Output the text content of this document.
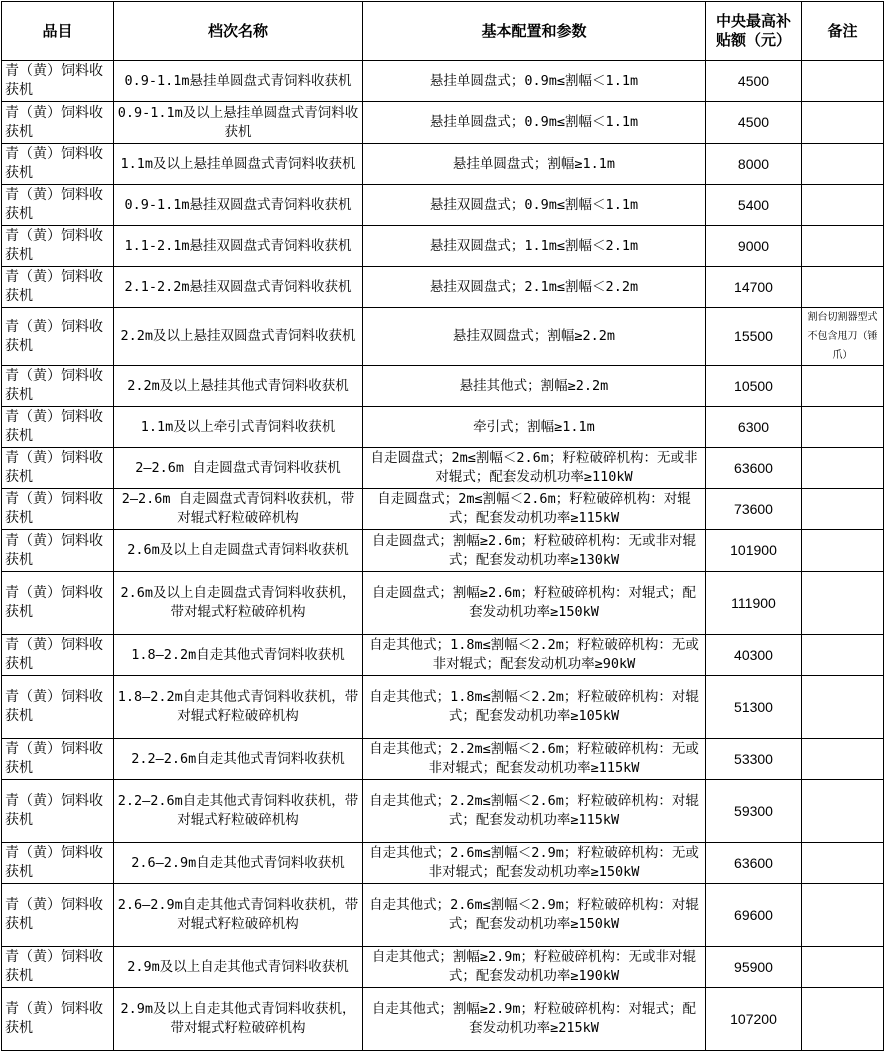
品目	档次名称	基本配置和参数	中央最高补贴额（元）	备注
青（黄）饲料收获机	0.9-1.1m悬挂单圆盘式青饲料收获机	悬挂单圆盘式；0.9m≤割幅＜1.1m	4500	
青（黄）饲料收获机	0.9-1.1m及以上悬挂单圆盘式青饲料收获机	悬挂单圆盘式；0.9m≤割幅＜1.1m	4500	
青（黄）饲料收获机	1.1m及以上悬挂单圆盘式青饲料收获机	悬挂单圆盘式；割幅≥1.1m	8000	
青（黄）饲料收获机	0.9-1.1m悬挂双圆盘式青饲料收获机	悬挂双圆盘式；0.9m≤割幅＜1.1m	5400	
青（黄）饲料收获机	1.1-2.1m悬挂双圆盘式青饲料收获机	悬挂双圆盘式；1.1m≤割幅＜2.1m	9000	
青（黄）饲料收获机	2.1-2.2m悬挂双圆盘式青饲料收获机	悬挂双圆盘式；2.1m≤割幅＜2.2m	14700	
青（黄）饲料收获机	2.2m及以上悬挂双圆盘式青饲料收获机	悬挂双圆盘式；割幅≥2.2m	15500	割台切割器型式不包含甩刀（锤爪）
青（黄）饲料收获机	2.2m及以上悬挂其他式青饲料收获机	悬挂其他式；割幅≥2.2m	10500	
青（黄）饲料收获机	1.1m及以上牵引式青饲料收获机	牵引式；割幅≥1.1m	6300	
青（黄）饲料收获机	2—2.6m 自走圆盘式青饲料收获机	自走圆盘式；2m≤割幅＜2.6m；籽粒破碎机构：无或非对辊式；配套发动机功率≥110kW	63600	
青（黄）饲料收获机	2—2.6m 自走圆盘式青饲料收获机，带对辊式籽粒破碎机构	自走圆盘式；2m≤割幅＜2.6m；籽粒破碎机构：对辊式；配套发动机功率≥115kW	73600	
青（黄）饲料收获机	2.6m及以上自走圆盘式青饲料收获机	自走圆盘式；割幅≥2.6m；籽粒破碎机构：无或非对辊式；配套发动机功率≥130kW	101900	
青（黄）饲料收获机	2.6m及以上自走圆盘式青饲料收获机，带对辊式籽粒破碎机构	自走圆盘式；割幅≥2.6m；籽粒破碎机构：对辊式；配套发动机功率≥150kW	111900	
青（黄）饲料收获机	1.8—2.2m自走其他式青饲料收获机	自走其他式；1.8m≤割幅＜2.2m；籽粒破碎机构：无或非对辊式；配套发动机功率≥90kW	40300	
青（黄）饲料收获机	1.8—2.2m自走其他式青饲料收获机，带对辊式籽粒破碎机构	自走其他式；1.8m≤割幅＜2.2m；籽粒破碎机构：对辊式；配套发动机功率≥105kW	51300	
青（黄）饲料收获机	2.2—2.6m自走其他式青饲料收获机	自走其他式；2.2m≤割幅＜2.6m；籽粒破碎机构：无或非对辊式；配套发动机功率≥115kW	53300	
青（黄）饲料收获机	2.2—2.6m自走其他式青饲料收获机，带对辊式籽粒破碎机构	自走其他式；2.2m≤割幅＜2.6m；籽粒破碎机构：对辊式；配套发动机功率≥115kW	59300	
青（黄）饲料收获机	2.6—2.9m自走其他式青饲料收获机	自走其他式；2.6m≤割幅＜2.9m；籽粒破碎机构：无或非对辊式；配套发动机功率≥150kW	63600	
青（黄）饲料收获机	2.6—2.9m自走其他式青饲料收获机，带对辊式籽粒破碎机构	自走其他式；2.6m≤割幅＜2.9m；籽粒破碎机构：对辊式；配套发动机功率≥150kW	69600	
青（黄）饲料收获机	2.9m及以上自走其他式青饲料收获机	自走其他式；割幅≥2.9m；籽粒破碎机构：无或非对辊式；配套发动机功率≥190kW	95900	
青（黄）饲料收获机	2.9m及以上自走其他式青饲料收获机，带对辊式籽粒破碎机构	自走其他式；割幅≥2.9m；籽粒破碎机构：对辊式；配套发动机功率≥215kW	107200	
